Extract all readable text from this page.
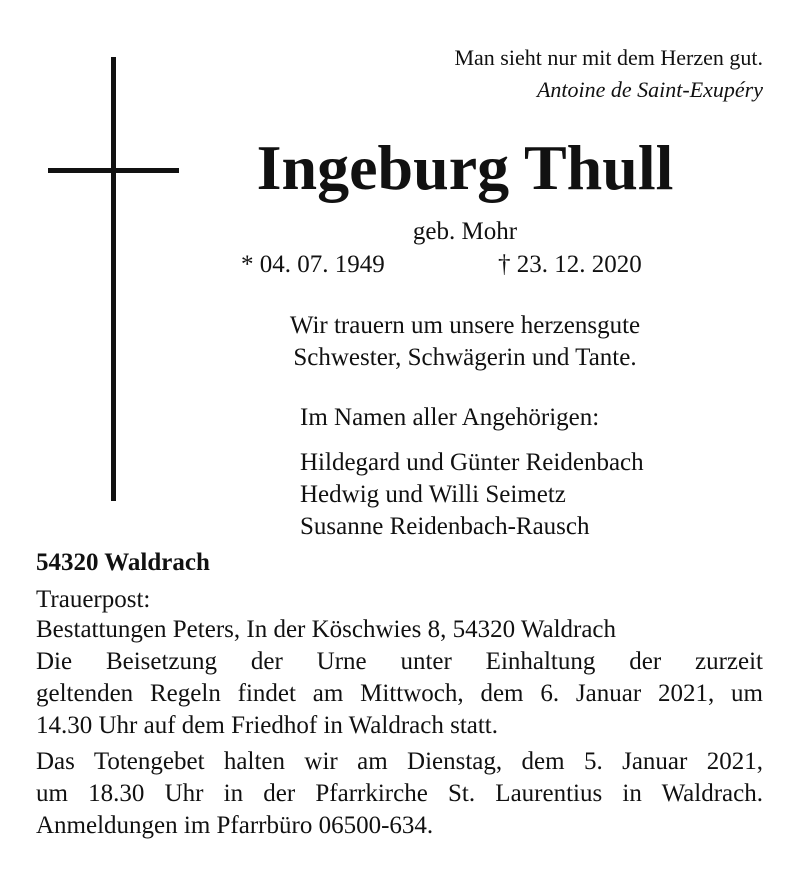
Man sieht nur mit dem Herzen gut.
Antoine de Saint-Exupéry
Ingeburg Thull
geb. Mohr
* 04. 07. 1949	† 23. 12. 2020
Wir trauern um unsere herzensgute
Schwester, Schwägerin und Tante.
Im Namen aller Angehörigen:
Hildegard und Günter Reidenbach
Hedwig und Willi Seimetz
Susanne Reidenbach-Rausch
54320 Waldrach
Trauerpost:
Bestattungen Peters, In der Köschwies 8, 54320 Waldrach
Die Beisetzung der Urne unter Einhaltung der zurzeit
geltenden Regeln findet am Mittwoch, dem 6. Januar 2021, um
14.30 Uhr auf dem Friedhof in Waldrach statt.
Das Totengebet halten wir am Dienstag, dem 5. Januar 2021,
um 18.30 Uhr in der Pfarrkirche St. Laurentius in Waldrach.
Anmeldungen im Pfarrbüro 06500-634.
